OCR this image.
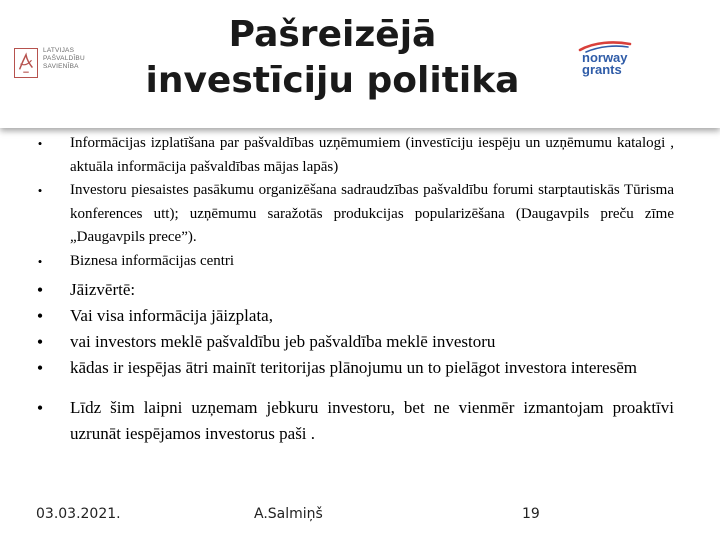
LATVIJAS
PAŠVALDĪBU
SAVIENĪBA
Pašreizējā investīciju politika
norway
grants
• Informācijas izplatīšana par pašvaldības uzņēmumiem (investīciju iespēju un uzņēmumu katalogi , aktuāla informācija pašvaldības mājas lapās)
• Investoru piesaistes pasākumu organizēšana sadraudzības pašvaldību forumi starptautiskās Tūrisma konferences utt); uzņēmumu saražotās produkcijas popularizēšana (Daugavpils preču zīme „Daugavpils prece”).
• Biznesa informācijas centri
• Jāizvērtē:
• Vai visa informācija jāizplata,
• vai investors meklē pašvaldību jeb pašvaldība meklē investoru
• kādas ir iespējas ātri mainīt teritorijas plānojumu un to pielāgot investora interesēm
• Līdz šim laipni uzņemam jebkuru investoru, bet ne vienmēr izmantojam proaktīvi uzrunāt iespējamos investorus paši .
03.03.2021.	A.Salmiņš	19
